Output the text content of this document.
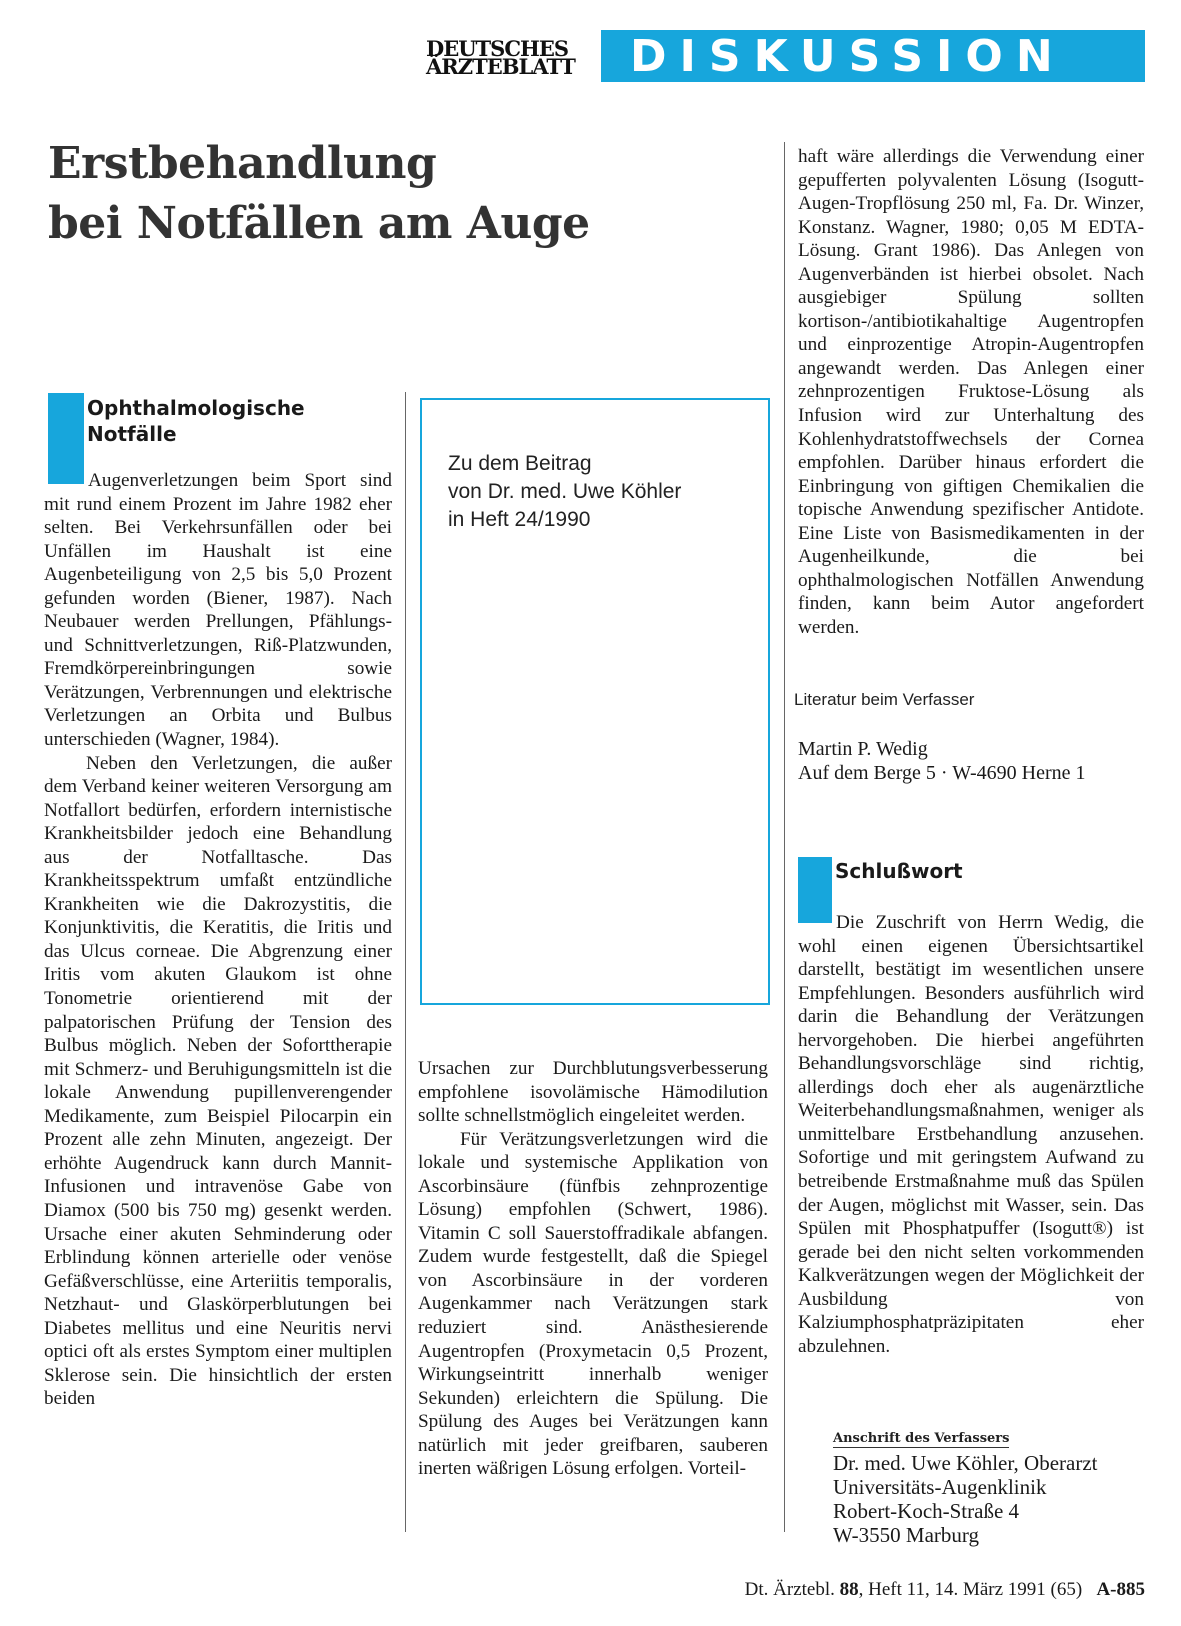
DEUTSCHES
ÄRZTEBLATT	DISKUSSION
Erstbehandlung
bei Notfällen am Auge
Ophthalmologische
Notfälle

Augenverletzungen beim Sport sind mit rund einem Prozent im Jahre 1982 eher selten. Bei Verkehrsunfällen oder bei Unfällen im Haushalt ist eine Augenbeteiligung von 2,5 bis 5,0 Prozent gefunden worden (Biener, 1987). Nach Neubauer werden Prellungen, Pfählungs- und Schnittverletzungen, Riß-Platzwunden, Fremdkörpereinbringungen sowie Verätzungen, Verbrennungen und elektrische Verletzungen an Orbita und Bulbus unterschieden (Wagner, 1984).

Neben den Verletzungen, die außer dem Verband keiner weiteren Versorgung am Notfallort bedürfen, erfordern internistische Krankheitsbilder jedoch eine Behandlung aus der Notfalltasche. Das Krankheitsspektrum umfaßt entzündliche Krankheiten wie die Dakrozystitis, die Konjunktivitis, die Keratitis, die Iritis und das Ulcus corneae. Die Abgrenzung einer Iritis vom akuten Glaukom ist ohne Tonometrie orientierend mit der palpatorischen Prüfung der Tension des Bulbus möglich. Neben der Soforttherapie mit Schmerz- und Beruhigungsmitteln ist die lokale Anwendung pupillenverengender Medikamente, zum Beispiel Pilocarpin ein Prozent alle zehn Minuten, angezeigt. Der erhöhte Augendruck kann durch Mannit-Infusionen und intravenöse Gabe von Diamox (500 bis 750 mg) gesenkt werden. Ursache einer akuten Sehminderung oder Erblindung können arterielle oder venöse Gefäßverschlüsse, eine Arteriitis temporalis, Netzhaut- und Glaskörperblutungen bei Diabetes mellitus und eine Neuritis nervi optici oft als erstes Symptom einer multiplen Sklerose sein. Die hinsichtlich der ersten beiden

Zu dem Beitrag
von Dr. med. Uwe Köhler
in Heft 24/1990

Ursachen zur Durchblutungsverbesserung empfohlene isovolämische Hämodilution sollte schnellstmöglich eingeleitet werden.

Für Verätzungsverletzungen wird die lokale und systemische Applikation von Ascorbinsäure (fünfbis zehnprozentige Lösung) empfohlen (Schwert, 1986). Vitamin C soll Sauerstoffradikale abfangen. Zudem wurde festgestellt, daß die Spiegel von Ascorbinsäure in der vorderen Augenkammer nach Verätzungen stark reduziert sind. Anästhesierende Augentropfen (Proxymetacin 0,5 Prozent, Wirkungseintritt innerhalb weniger Sekunden) erleichtern die Spülung. Die Spülung des Auges bei Verätzungen kann natürlich mit jeder greifbaren, sauberen inerten wäßrigen Lösung erfolgen. Vorteil-

haft wäre allerdings die Verwendung einer gepufferten polyvalenten Lösung (Isogutt-Augen-Tropflösung 250 ml, Fa. Dr. Winzer, Konstanz. Wagner, 1980; 0,05 M EDTA-Lösung. Grant 1986). Das Anlegen von Augenverbänden ist hierbei obsolet. Nach ausgiebiger Spülung sollten kortison-/antibiotikahaltige Augentropfen und einprozentige Atropin-Augentropfen angewandt werden. Das Anlegen einer zehnprozentigen Fruktose-Lösung als Infusion wird zur Unterhaltung des Kohlenhydratstoffwechsels der Cornea empfohlen. Darüber hinaus erfordert die Einbringung von giftigen Chemikalien die topische Anwendung spezifischer Antidote. Eine Liste von Basismedikamenten in der Augenheilkunde, die bei ophthalmologischen Notfällen Anwendung finden, kann beim Autor angefordert werden.

Literatur beim Verfasser
Martin P. Wedig
Auf dem Berge 5 · W-4690 Herne 1
Schlußwort

Die Zuschrift von Herrn Wedig, die wohl einen eigenen Übersichtsartikel darstellt, bestätigt im wesentlichen unsere Empfehlungen. Besonders ausführlich wird darin die Behandlung der Verätzungen hervorgehoben. Die hierbei angeführten Behandlungsvorschläge sind richtig, allerdings doch eher als augenärztliche Weiterbehandlungsmaßnahmen, weniger als unmittelbare Erstbehandlung anzusehen. Sofortige und mit geringstem Aufwand zu betreibende Erstmaßnahme muß das Spülen der Augen, möglichst mit Wasser, sein. Das Spülen mit Phosphatpuffer (Isogutt®) ist gerade bei den nicht selten vorkommenden Kalkverätzungen wegen der Möglichkeit der Ausbildung von Kalziumphosphatpräzipitaten eher abzulehnen.

Anschrift des Verfassers
Dr. med. Uwe Köhler, Oberarzt
Universitäts-Augenklinik
Robert-Koch-Straße 4
W-3550 Marburg
Dt. Ärztebl. 88, Heft 11, 14. März 1991 (65) A-885
